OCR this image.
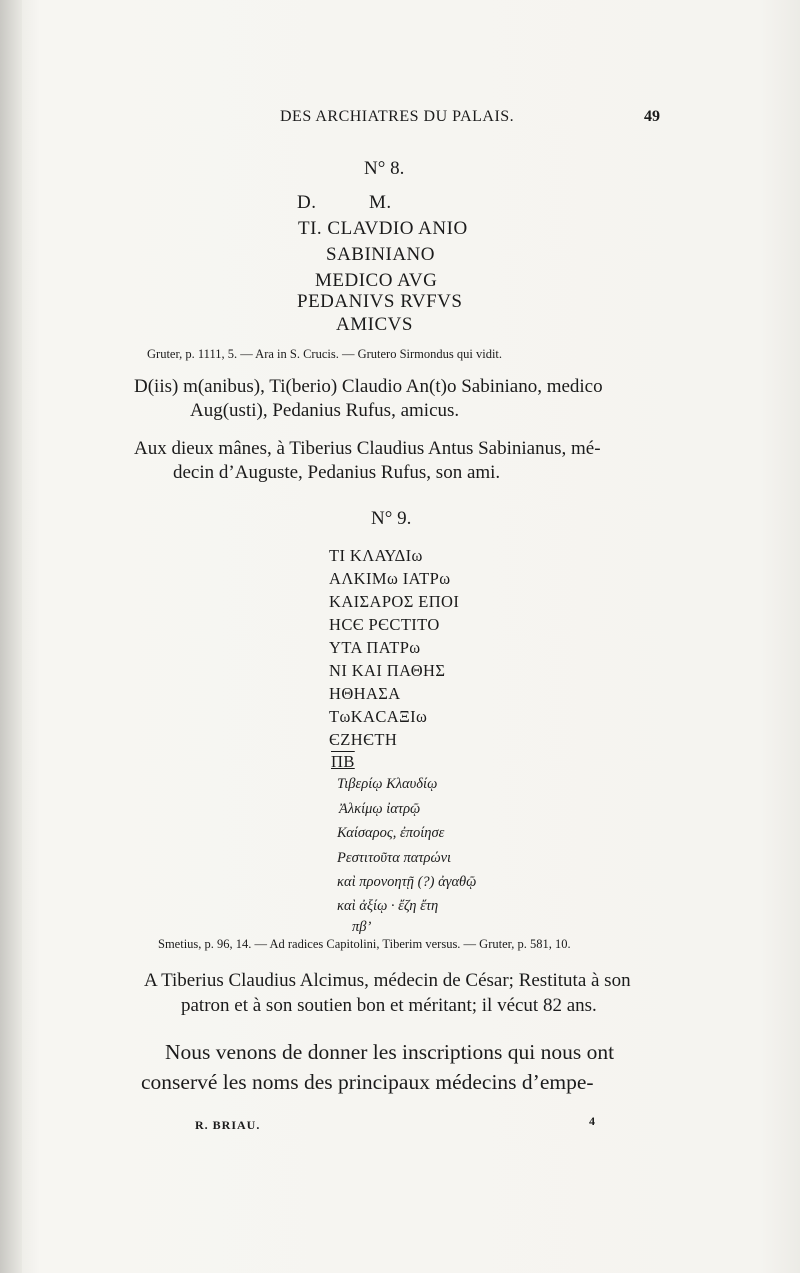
DES ARCHIATRES DU PALAIS.	49
N° 8.
D.          M.
TI. CLAVDIO ANIO
SABINIANO
MEDICO AVG
PEDANIVS RVFVS
AMICVS
Gruter, p. 1111, 5. — Ara in S. Crucis. — Grutero Sirmondus qui vidit.
D(iis) m(anibus), Ti(berio) Claudio An(t)o Sabiniano, medico
Aug(usti), Pedanius Rufus, amicus.
Aux dieux mânes, à Tiberius Claudius Antus Sabinianus, mé-
decin d’Auguste, Pedanius Rufus, son ami.
N° 9.
ΤΙ ΚΛΑΥΔΙω
ΑΛΚΙΜω ΙΑΤΡω
ΚΑΙΣΑΡΟΣ ΕΠΟΙ
ΗϹЄ ΡЄСΤΙΤΟ
ΥΤΑ ΠΑΤΡω
ΝΙ ΚΑΙ ΠΑΘΗΣ
ΗΘΗΑΣΑ
ΤωΚΑСΑΞΙω
ЄΖΗЄΤΗ
ΠΒ
Τιβερίῳ Κλαυδίῳ
Ἀλκίμῳ ἰατρῷ
Καίσαρος, ἐποίησε
Ρεστιτοῦτα πατρώνι
καὶ προνοητῇ (?) ἀγαθῷ
καὶ ἀξίῳ · ἔζη ἔτη
πβ’
Smetius, p. 96, 14. — Ad radices Capitolini, Tiberim versus. — Gruter, p. 581, 10.
A Tiberius Claudius Alcimus, médecin de César; Restituta à son
patron et à son soutien bon et méritant; il vécut 82 ans.
Nous venons de donner les inscriptions qui nous ont
conservé les noms des principaux médecins d’empe-
R. BRIAU.	4
